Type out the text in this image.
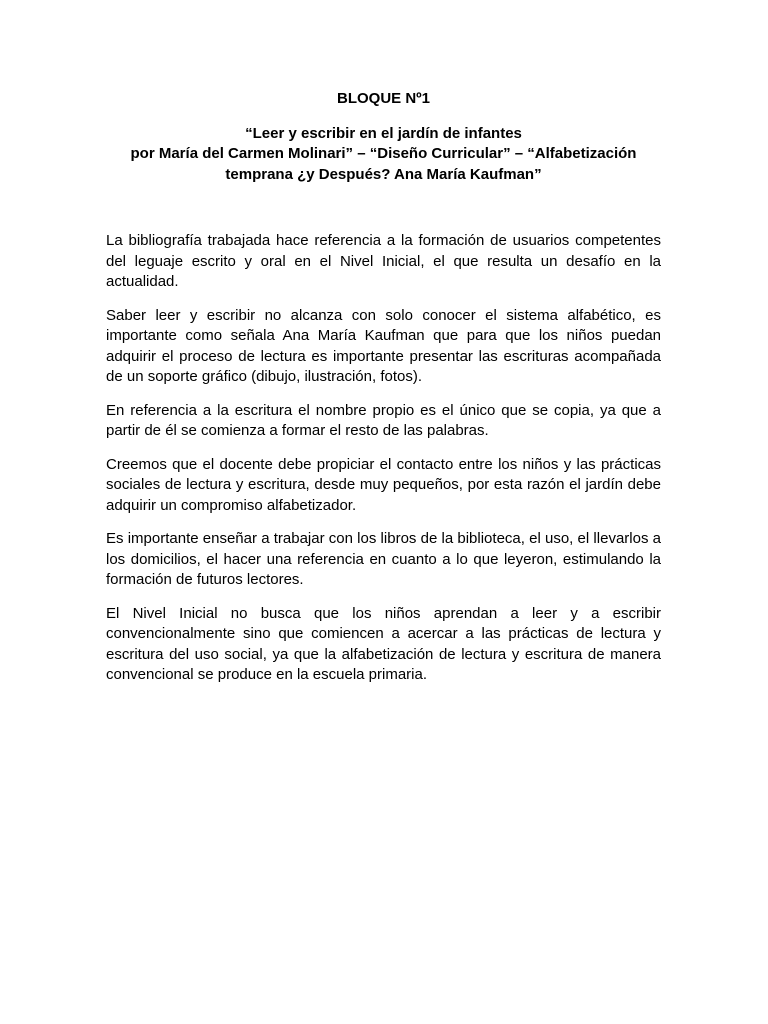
BLOQUE Nº1
“Leer y escribir en el jardín de infantes
por María del Carmen Molinari” – “Diseño Curricular” – “Alfabetización
temprana ¿y Después? Ana María Kaufman”

La bibliografía trabajada hace referencia a la formación de usuarios competentes del leguaje escrito y oral en el Nivel Inicial, el que resulta un desafío en la actualidad.

Saber leer y escribir no alcanza con solo conocer el sistema alfabético, es importante como señala Ana María Kaufman que para que los niños puedan adquirir el proceso de lectura es importante presentar las escrituras acompañada de un soporte gráfico (dibujo, ilustración, fotos).

En referencia a la escritura el nombre propio es el único que se copia, ya que a partir de él se comienza a formar el resto de las palabras.

Creemos que el docente debe propiciar el contacto entre los niños y las prácticas sociales de lectura y escritura, desde muy pequeños, por esta razón el jardín debe adquirir un compromiso alfabetizador.

Es importante enseñar a trabajar con los libros de la biblioteca, el uso, el llevarlos a los domicilios, el hacer una referencia en cuanto a lo que leyeron, estimulando la formación de futuros lectores.

El Nivel Inicial no busca que los niños aprendan a leer y a escribir convencionalmente sino que comiencen a acercar a las prácticas de lectura y escritura del uso social, ya que la alfabetización de lectura y escritura de manera convencional se produce en la escuela primaria.
